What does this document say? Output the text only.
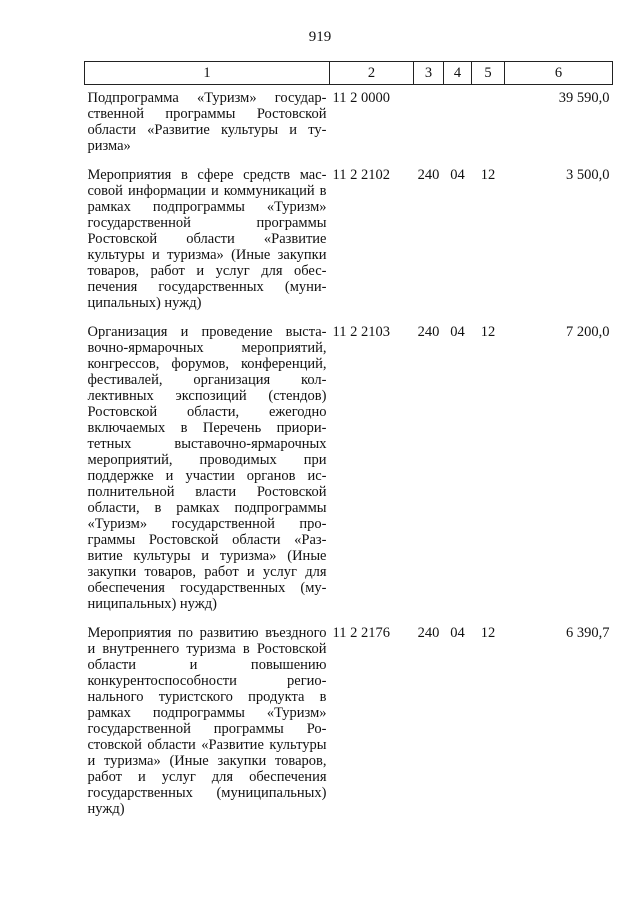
919
1	2	3	4	5	6
Подпрограмма «Туризм» государственной программы Ростовской области «Развитие культуры и туризма»	11 2 0000				39 590,0
Мероприятия в сфере средств массовой информации и коммуникаций в рамках подпрограммы «Туризм» государственной программы Ростовской области «Развитие культуры и туризма» (Иные закупки товаров, работ и услуг для обеспечения государственных (муниципальных) нужд)	11 2 2102	240	04	12	3 500,0
Организация и проведение выставочно-ярмарочных мероприятий, конгрессов, форумов, конференций, фестивалей, организация коллективных экспозиций (стендов) Ростовской области, ежегодно включаемых в Перечень приоритетных выставочно-ярмарочных мероприятий, проводимых при поддержке и участии органов исполнительной власти Ростовской области, в рамках подпрограммы «Туризм» государственной программы Ростовской области «Развитие культуры и туризма» (Иные закупки товаров, работ и услуг для обеспечения государственных (муниципальных) нужд)	11 2 2103	240	04	12	7 200,0
Мероприятия по развитию въездного и внутреннего туризма в Ростовской области и повышению конкурентоспособности регионального туристского продукта в рамках подпрограммы «Туризм» государственной программы Ростовской области «Развитие культуры и туризма» (Иные закупки товаров, работ и услуг для обеспечения государственных (муниципальных) нужд)	11 2 2176	240	04	12	6 390,7
